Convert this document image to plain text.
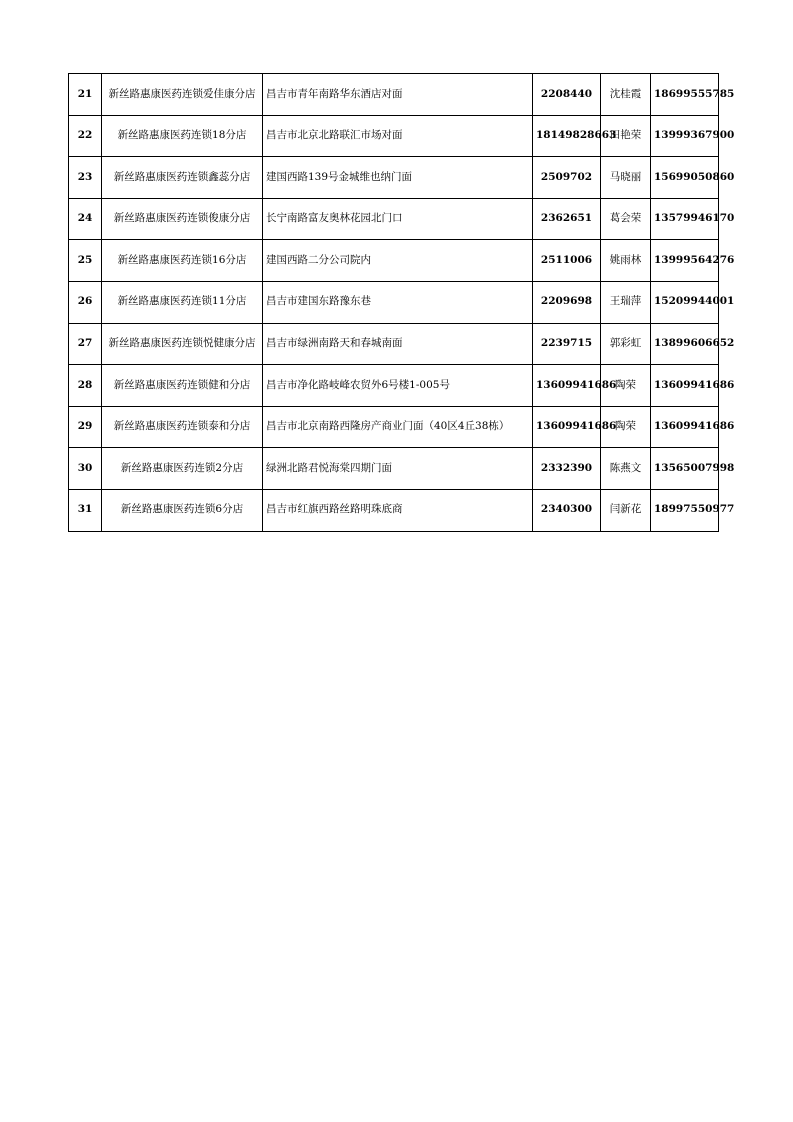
21	新丝路惠康医药连锁爱佳康分店	昌吉市青年南路华东酒店对面	2208440	沈桂霞	18699555785
22	新丝路惠康医药连锁18分店	昌吉市北京北路联汇市场对面	18149828663	田艳荣	13999367900
23	新丝路惠康医药连锁鑫蕊分店	建国西路139号金城维也纳门面	2509702	马晓丽	15699050860
24	新丝路惠康医药连锁俊康分店	长宁南路富友奥林花园北门口	2362651	葛会荣	13579946170
25	新丝路惠康医药连锁16分店	建国西路二分公司院内	2511006	姚雨林	13999564276
26	新丝路惠康医药连锁11分店	昌吉市建国东路豫东巷	2209698	王瑞萍	15209944001
27	新丝路惠康医药连锁悦健康分店	昌吉市绿洲南路天和春城南面	2239715	郭彩虹	13899606652
28	新丝路惠康医药连锁健和分店	昌吉市净化路岐峰农贸外6号楼1-005号	13609941686	陶荣	13609941686
29	新丝路惠康医药连锁泰和分店	昌吉市北京南路西隆房产商业门面（40区4丘38栋）	13609941686	陶荣	13609941686
30	新丝路惠康医药连锁2分店	绿洲北路君悦海棠四期门面	2332390	陈燕文	13565007998
31	新丝路惠康医药连锁6分店	昌吉市红旗西路丝路明珠底商	2340300	闫新花	18997550977
